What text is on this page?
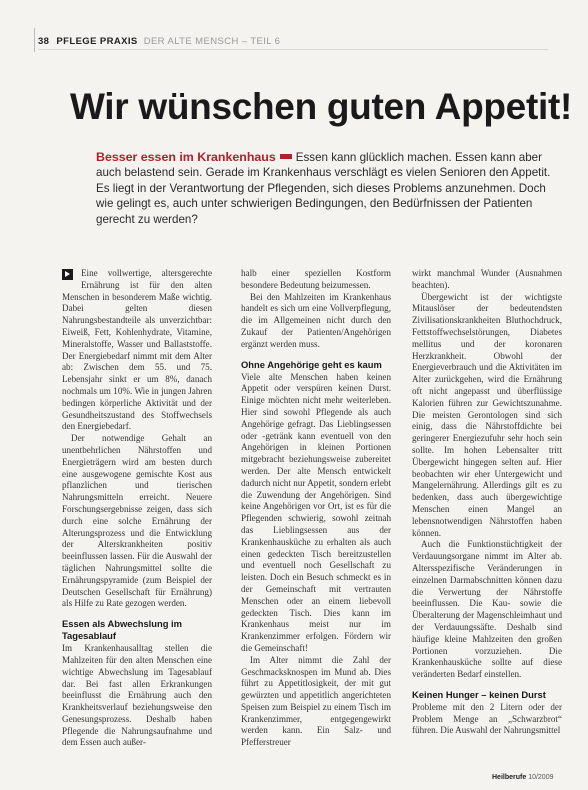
38 PFLEGE PRAXIS DER ALTE MENSCH – TEIL 6
Wir wünschen guten Appetit!
Besser essen im Krankenhaus Essen kann glücklich machen. Essen kann aber auch belastend sein. Gerade im Krankenhaus verschlägt es vielen Senioren den Appetit. Es liegt in der Verantwortung der Pflegenden, sich dieses Problems anzunehmen. Doch wie gelingt es, auch unter schwierigen Bedingungen, den Bedürfnissen der Patienten gerecht zu werden?

Eine vollwertige, altersgerechte Ernährung ist für den alten Menschen in besonderem Maße wichtig. Dabei gelten diesen Nahrungsbestandteile als unverzichtbar: Eiweiß, Fett, Kohlenhydrate, Vitamine, Mineralstoffe, Wasser und Ballaststoffe. Der Energiebedarf nimmt mit dem Alter ab: Zwischen dem 55. und 75. Lebensjahr sinkt er um 8%, danach nochmals um 10%. Wie in jungen Jahren bedingen körperliche Aktivität und der Gesundheitszustand des Stoffwechsels den Energiebedarf.

Der notwendige Gehalt an unentbehrlichen Nährstoffen und Energieträgern wird am besten durch eine ausgewogene gemischte Kost aus pflanzlichen und tierischen Nahrungsmitteln erreicht. Neuere Forschungsergebnisse zeigen, dass sich durch eine solche Ernährung der Alterungsprozess und die Entwicklung der Alterskrankheiten positiv beeinflussen lassen. Für die Auswahl der täglichen Nahrungsmittel sollte die Ernährungspyramide (zum Beispiel der Deutschen Gesellschaft für Ernährung) als Hilfe zu Rate gezogen werden.

Essen als Abwechslung im Tagesablauf

Im Krankenhausalltag stellen die Mahlzeiten für den alten Menschen eine wichtige Abwechslung im Tagesablauf dar. Bei fast allen Erkrankungen beeinflusst die Ernährung auch den Krankheitsverlauf beziehungsweise den Genesungsprozess. Deshalb haben Pflegende die Nahrungsaufnahme und dem Essen auch außer-

halb einer speziellen Kostform besondere Bedeutung beizumessen.

Bei den Mahlzeiten im Krankenhaus handelt es sich um eine Vollverpflegung, die im Allgemeinen nicht durch den Zukauf der Patienten/Angehörigen ergänzt werden muss.

Ohne Angehörige geht es kaum

Viele alte Menschen haben keinen Appetit oder verspüren keinen Durst. Einige möchten nicht mehr weiterleben. Hier sind sowohl Pflegende als auch Angehörige gefragt. Das Lieblingsessen oder -getränk kann eventuell von den Angehörigen in kleinen Portionen mitgebracht beziehungsweise zubereitet werden. Der alte Mensch entwickelt dadurch nicht nur Appetit, sondern erlebt die Zuwendung der Angehörigen. Sind keine Angehörigen vor Ort, ist es für die Pflegenden schwierig, sowohl zeitnah das Lieblingsessen aus der Krankenhausküche zu erhalten als auch einen gedeckten Tisch bereitzustellen und eventuell noch Gesellschaft zu leisten. Doch ein Besuch schmeckt es in der Gemeinschaft mit vertrauten Menschen oder an einem liebevoll gedeckten Tisch. Dies kann im Krankenhaus meist nur im Krankenzimmer erfolgen. Fördern wir die Gemeinschaft!

Im Alter nimmt die Zahl der Geschmacksknospen im Mund ab. Dies führt zu Appetitlosigkeit, der mit gut gewürzten und appetitlich angerichteten Speisen zum Beispiel zu einem Tisch im Krankenzimmer, entgegengewirkt werden kann. Ein Salz- und Pfefferstreuer

wirkt manchmal Wunder (Ausnahmen beachten).

Übergewicht ist der wichtigste Mitauslöser der bedeutendsten Zivilisationskrankheiten Bluthochdruck, Fettstoffwechselstörungen, Diabetes mellitus und der koronaren Herzkrankheit. Obwohl der Energieverbrauch und die Aktivitäten im Alter zurückgehen, wird die Ernährung oft nicht angepasst und überflüssige Kalorien führen zur Gewichtszunahme. Die meisten Gerontologen sind sich einig, dass die Nährstoffdichte bei geringerer Energiezufuhr sehr hoch sein sollte. Im hohen Lebensalter tritt Übergewicht hingegen selten auf. Hier beobachten wir eher Untergewicht und Mangelernährung. Allerdings gilt es zu bedenken, dass auch übergewichtige Menschen einen Mangel an lebensnotwendigen Nährstoffen haben können.

Auch die Funktionstüchtigkeit der Verdauungsorgane nimmt im Alter ab. Altersspezifische Veränderungen in einzelnen Darmabschnitten können dazu die Verwertung der Nährstoffe beeinflussen. Die Kau- sowie die Überalterung der Magenschleimhaut und der Verdauungssäfte. Deshalb sind häufige kleine Mahlzeiten den großen Portionen vorzuziehen. Die Krankenhausküche sollte auf diese veränderten Bedarf einstellen.

Keinen Hunger – keinen Durst

Probleme mit den 2 Litern oder der Problem Menge an „Schwarzbrot“ führen. Die Auswahl der Nahrungsmittel

Heilberufe 10/2009
